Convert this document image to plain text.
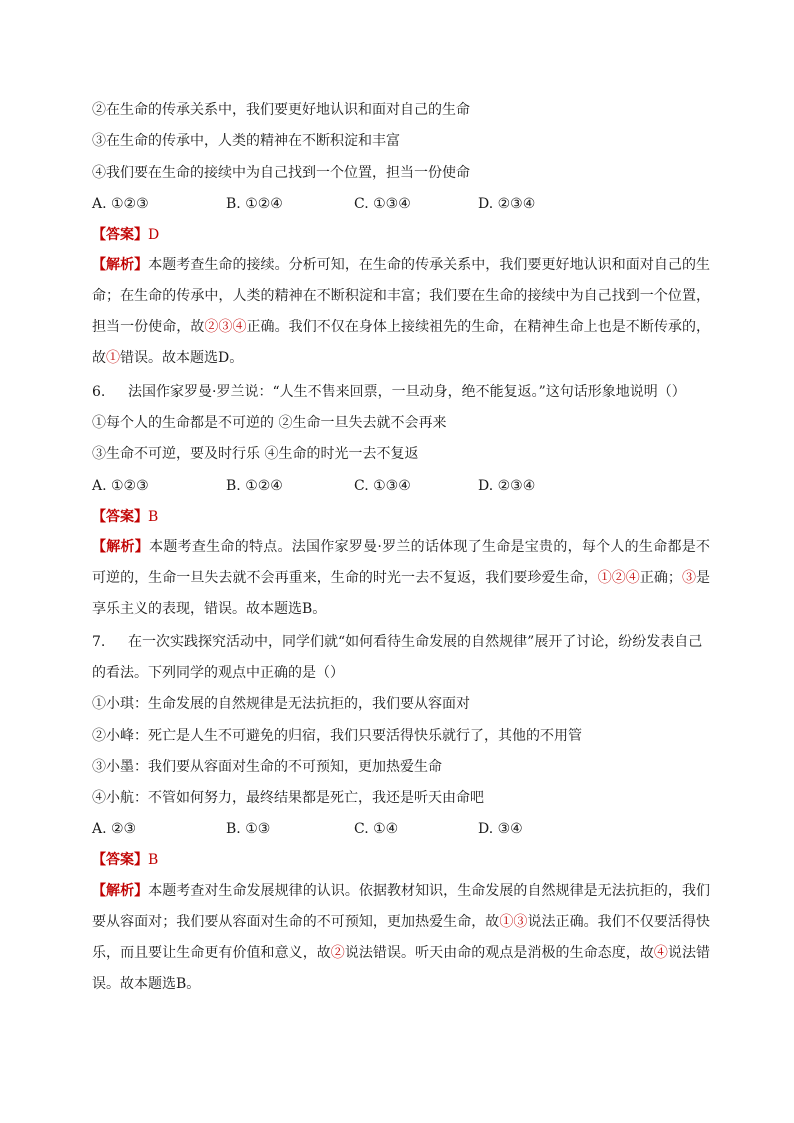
②在生命的传承关系中，我们要更好地认识和面对自己的生命
③在生命的传承中，人类的精神在不断积淀和丰富
④我们要在生命的接续中为自己找到一个位置，担当一份使命
A. ①②③	B. ①②④	C. ①③④	D. ②③④
【答案】D
【解析】本题考查生命的接续。分析可知，在生命的传承关系中，我们要更好地认识和面对自己的生命；在生命的传承中，人类的精神在不断积淀和丰富；我们要在生命的接续中为自己找到一个位置，担当一份使命，故②③④正确。我们不仅在身体上接续祖先的生命，在精神生命上也是不断传承的，故①错误。故本题选D。
6. 法国作家罗曼·罗兰说：“人生不售来回票，一旦动身，绝不能复返。”这句话形象地说明（）
①每个人的生命都是不可逆的 ②生命一旦失去就不会再来
③生命不可逆，要及时行乐 ④生命的时光一去不复返
A. ①②③	B. ①②④	C. ①③④	D. ②③④
【答案】B
【解析】本题考查生命的特点。法国作家罗曼·罗兰的话体现了生命是宝贵的，每个人的生命都是不可逆的，生命一旦失去就不会再重来，生命的时光一去不复返，我们要珍爱生命，①②④正确；③是享乐主义的表现，错误。故本题选B。
7. 在一次实践探究活动中，同学们就“如何看待生命发展的自然规律”展开了讨论，纷纷发表自己
的看法。下列同学的观点中正确的是（）
①小琪：生命发展的自然规律是无法抗拒的，我们要从容面对
②小峰：死亡是人生不可避免的归宿，我们只要活得快乐就行了，其他的不用管
③小墨：我们要从容面对生命的不可预知，更加热爱生命
④小航：不管如何努力，最终结果都是死亡，我还是听天由命吧
A. ②③	B. ①③	C. ①④	D. ③④
【答案】B
【解析】本题考查对生命发展规律的认识。依据教材知识，生命发展的自然规律是无法抗拒的，我们要从容面对；我们要从容面对生命的不可预知，更加热爱生命，故①③说法正确。我们不仅要活得快乐，而且要让生命更有价值和意义，故②说法错误。听天由命的观点是消极的生命态度，故④说法错误。故本题选B。
